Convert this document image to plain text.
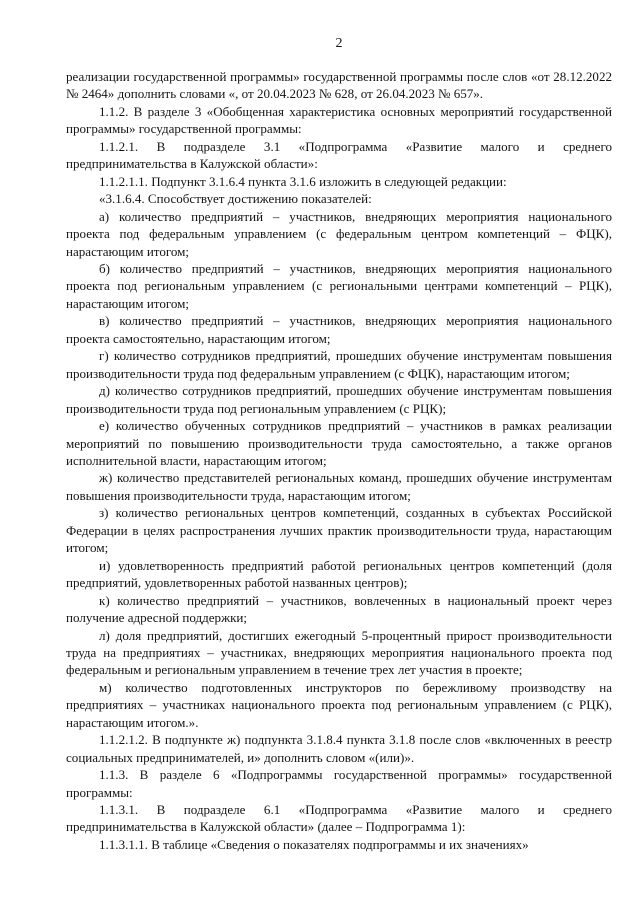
2

реализации государственной программы» государственной программы после слов «от 28.12.2022 № 2464» дополнить словами «, от 20.04.2023 № 628, от 26.04.2023 № 657».

1.1.2. В разделе 3 «Обобщенная характеристика основных мероприятий государственной программы» государственной программы:

1.1.2.1. В подразделе 3.1 «Подпрограмма «Развитие малого и среднего предпринимательства в Калужской области»:

1.1.2.1.1. Подпункт 3.1.6.4 пункта 3.1.6 изложить в следующей редакции:

«3.1.6.4. Способствует достижению показателей:

а) количество предприятий – участников, внедряющих мероприятия национального проекта под федеральным управлением (с федеральным центром компетенций – ФЦК), нарастающим итогом;

б) количество предприятий – участников, внедряющих мероприятия национального проекта под региональным управлением (с региональными центрами компетенций – РЦК), нарастающим итогом;

в) количество предприятий – участников, внедряющих мероприятия национального проекта самостоятельно, нарастающим итогом;

г) количество сотрудников предприятий, прошедших обучение инструментам повышения производительности труда под федеральным управлением (с ФЦК), нарастающим итогом;

д) количество сотрудников предприятий, прошедших обучение инструментам повышения производительности труда под региональным управлением (с РЦК);

е) количество обученных сотрудников предприятий – участников в рамках реализации мероприятий по повышению производительности труда самостоятельно, а также органов исполнительной власти, нарастающим итогом;

ж) количество представителей региональных команд, прошедших обучение инструментам повышения производительности труда, нарастающим итогом;

з) количество региональных центров компетенций, созданных в субъектах Российской Федерации в целях распространения лучших практик производительности труда, нарастающим итогом;

и) удовлетворенность предприятий работой региональных центров компетенций (доля предприятий, удовлетворенных работой названных центров);

к) количество предприятий – участников, вовлеченных в национальный проект через получение адресной поддержки;

л) доля предприятий, достигших ежегодный 5-процентный прирост производительности труда на предприятиях – участниках, внедряющих мероприятия национального проекта под федеральным и региональным управлением в течение трех лет участия в проекте;

м) количество подготовленных инструкторов по бережливому производству на предприятиях – участниках национального проекта под региональным управлением (с РЦК), нарастающим итогом.».

1.1.2.1.2. В подпункте ж) подпункта 3.1.8.4 пункта 3.1.8 после слов «включенных в реестр социальных предпринимателей, и» дополнить словом «(или)».

1.1.3. В разделе 6 «Подпрограммы государственной программы» государственной программы:

1.1.3.1. В подразделе 6.1 «Подпрограмма «Развитие малого и среднего предпринимательства в Калужской области» (далее – Подпрограмма 1):

1.1.3.1.1. В таблице «Сведения о показателях подпрограммы и их значениях»
